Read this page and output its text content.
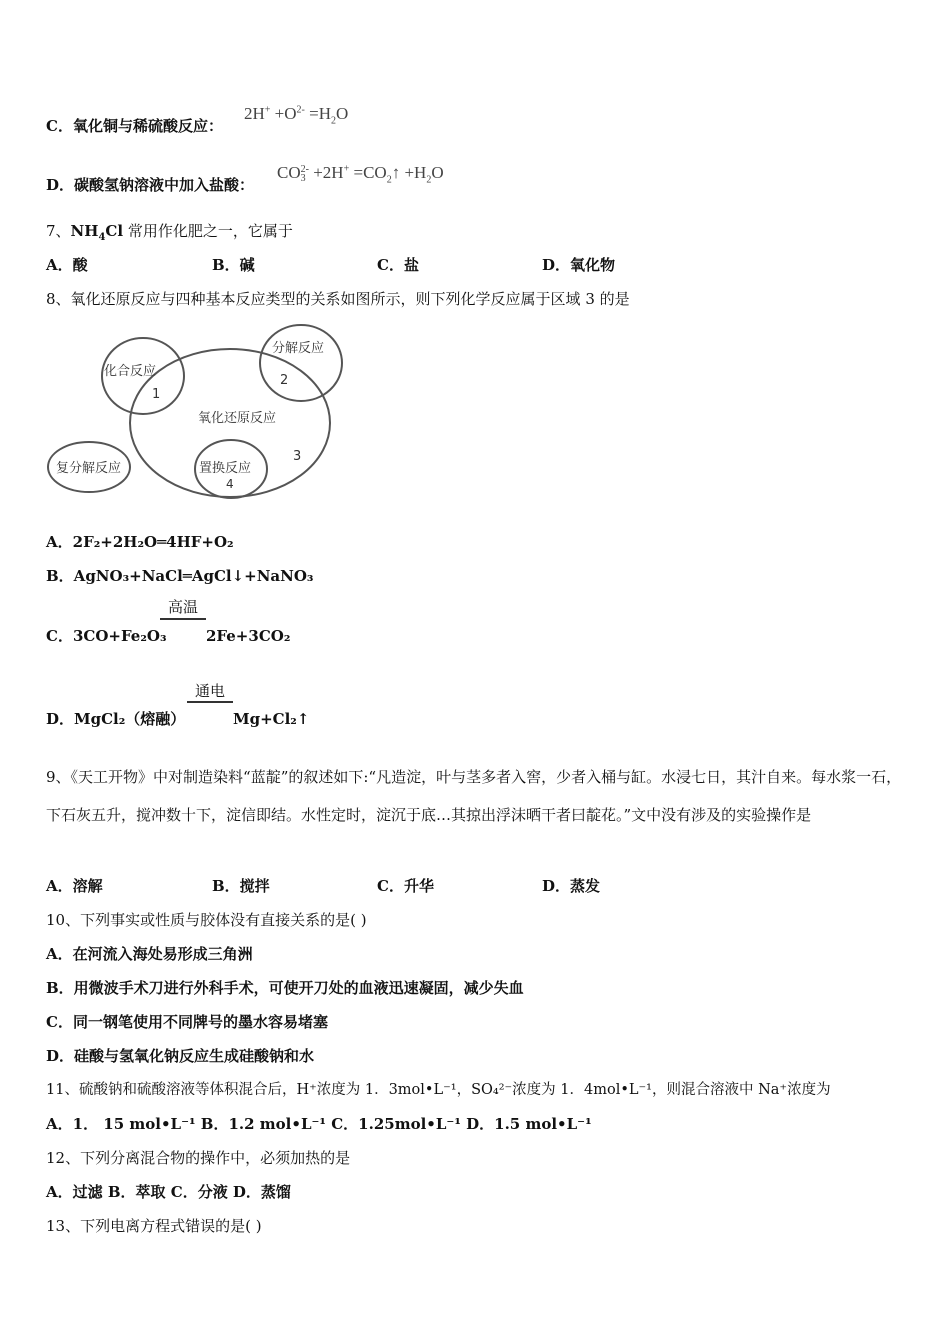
C．氧化铜与稀硫酸反应：
$2H^+ +O^{2-} =H_2O$
D．碳酸氢钠溶液中加入盐酸：
CO 2-
$3 +2H^+ =CO_2↑ +H_2O$
7、$NH_4Cl$ 常用作化肥之一，它属于
A．酸	B．碱	C．盐	D．氧化物
8、氧化还原反应与四种基本反应类型的关系如图所示，则下列化学反应属于区域 3 的是
化合反应
1
分解反应
2
氧化还原反应
3
复分解反应	置换反应
4
A．2F₂+2H₂O═4HF+O₂
B．AgNO₃+NaCl═AgCl↓+NaNO₃
C．3CO+Fe₂O₃
高温
2Fe+3CO₂
D．MgCl₂（熔融）
通电
Mg+Cl₂↑
9、《天工开物》中对制造染料“蓝靛”的叙述如下:“凡造淀，叶与茎多者入窖，少者入桶与缸。水浸七日，其汁自来。每水浆一石，下石灰五升，搅冲数十下，淀信即结。水性定时，淀沉于底…其掠出浮沫晒干者曰靛花。”文中没有涉及的实验操作是
A．溶解	B．搅拌	C．升华	D．蒸发
10、下列事实或性质与胶体没有直接关系的是( )
A．在河流入海处易形成三角洲
B．用微波手术刀进行外科手术，可使开刀处的血液迅速凝固，减少失血
C．同一钢笔使用不同牌号的墨水容易堵塞
D．硅酸与氢氧化钠反应生成硅酸钠和水
11、硫酸钠和硫酸溶液等体积混合后，H⁺浓度为 1．3mol•L⁻¹，SO₄²⁻浓度为 1．4mol•L⁻¹，则混合溶液中 Na⁺浓度为
A．1． 15 mol•L⁻¹ B．1.2 mol•L⁻¹ C．1.25mol•L⁻¹ D．1.5 mol•L⁻¹
12、下列分离混合物的操作中，必须加热的是
A．过滤 B．萃取 C．分液 D．蒸馏
13、下列电离方程式错误的是( )
